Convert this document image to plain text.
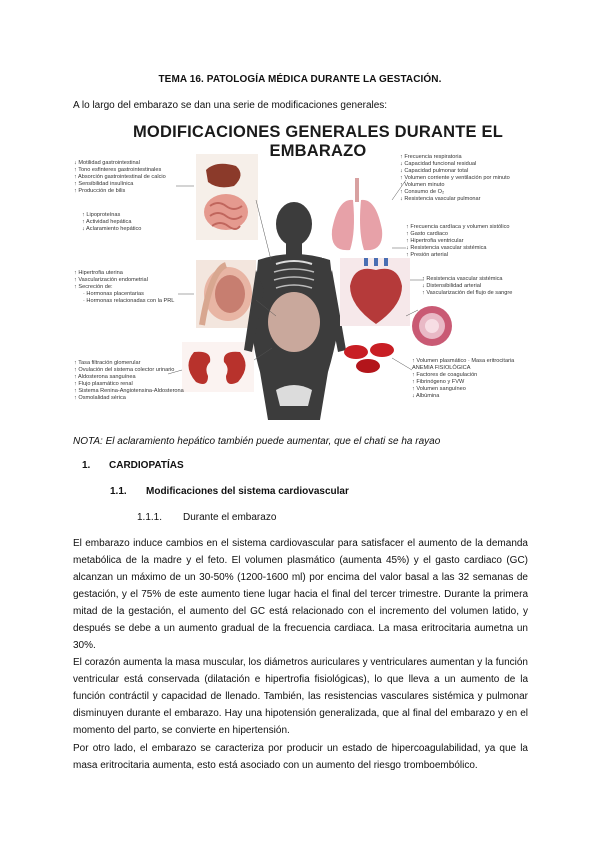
TEMA 16. PATOLOGÍA MÉDICA DURANTE LA GESTACIÓN.
A lo largo del embarazo se dan una serie de modificaciones generales:
MODIFICACIONES GENERALES DURANTE EL EMBARAZO
↓ Motilidad gastrointestinal
↑ Tono esfinteres gastrointestinales
↑ Absorción gastrointestinal de calcio
↑ Sensibilidad insulínica
↑ Producción de bilis
↑ Lipoproteínas
↑ Actividad hepática
↓ Aclaramiento hepático
↑ Hipertrofia uterina
↑ Vascularización endometrial
↑ Secreción de:
· Hormonas placentarias
· Hormonas relacionadas con la PRL
↑ Tasa filtración glomerular
↑ Ovulación del sistema colector urinario
↑ Aldosterona sanguínea
↑ Flujo plasmático renal
↑ Sistema Renina-Angiotensina-Aldosterona
↑ Osmolalidad sérica
↑ Frecuencia respiratoria
↓ Capacidad funcional residual
↓ Capacidad pulmonar total
↑ Volumen corriente y ventilación por minuto
↑ Volumen minuto
↑ Consumo de O₂
↓ Resistencia vascular pulmonar
↑ Frecuencia cardíaca y volumen sistólico
↑ Gasto cardiaco
↑ Hipertrofia ventricular
↓ Resistencia vascular sistémica
↑ Presión arterial
↑ Resistencia vascular sistémica
↓ Distensibilidad arterial
↑ Vascularización del flujo de sangre
↑ Volumen plasmático · Masa eritrocitaria
ANEMIA FISIOLÓGICA
↑ Factores de coagulación
↑ Fibrinógeno y FVW
↑ Volumen sanguíneo
↓ Albúmina
NOTA: El aclaramiento hepático también puede aumentar, que el chati se ha rayao
1. CARDIOPATÍAS
1.1. Modificaciones del sistema cardiovascular
1.1.1. Durante el embarazo

El embarazo induce cambios en el sistema cardiovascular para satisfacer el aumento de la demanda metabólica de la madre y el feto. El volumen plasmático (aumenta 45%) y el gasto cardiaco (GC) alcanzan un máximo de un 30-50% (1200-1600 ml) por encima del valor basal a las 32 semanas de gestación, y el 75% de este aumento tiene lugar hacia el final del tercer trimestre. Durante la primera mitad de la gestación, el aumento del GC está relacionado con el incremento del volumen latido, y después se debe a un aumento gradual de la frecuencia cardiaca. La masa eritrocitaria aumetna un 30%.

El corazón aumenta la masa muscular, los diámetros auriculares y ventriculares aumentan y la función ventricular está conservada (dilatación e hipertrofia fisiológicas), lo que lleva a un aumento de la función contráctil y capacidad de llenado. También, las resistencias vasculares sistémica y pulmonar disminuyen durante el embarazo. Hay una hipotensión generalizada, que al final del embarazo y en el momento del parto, se convierte en hipertensión.

Por otro lado, el embarazo se caracteriza por producir un estado de hipercoagulabilidad, ya que la masa eritrocitaria aumenta, esto está asociado con un aumento del riesgo tromboembólico.
